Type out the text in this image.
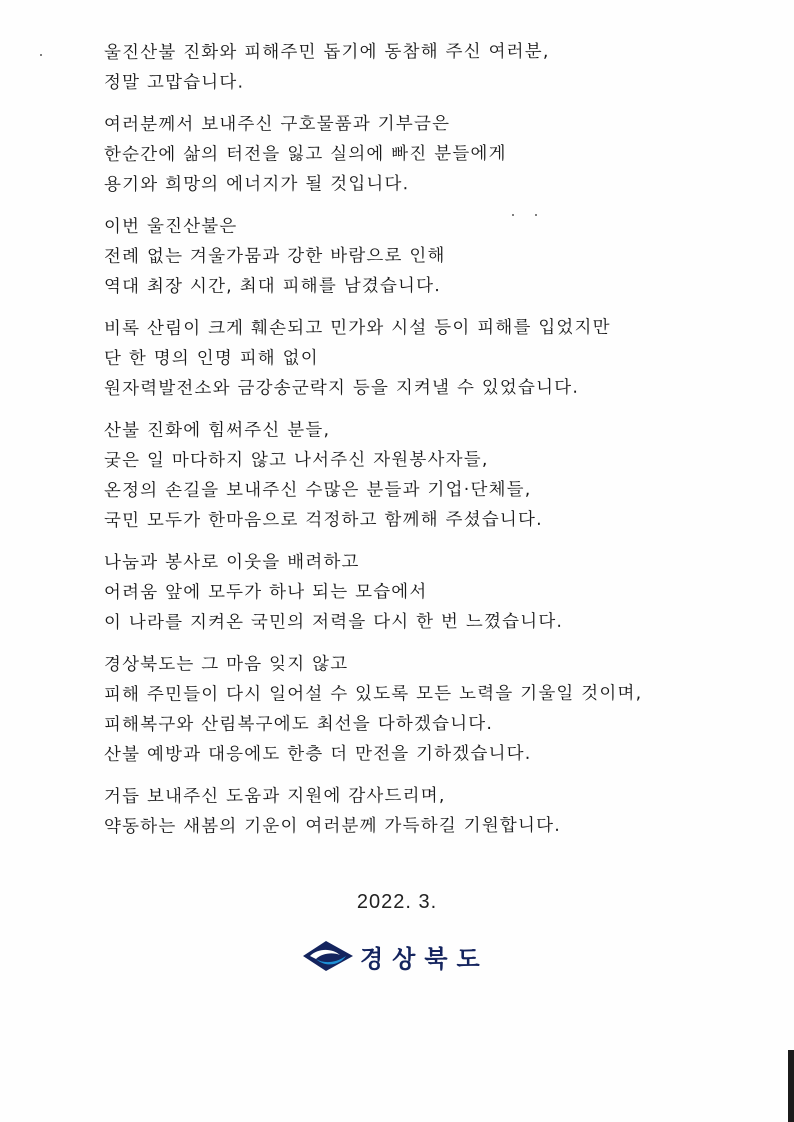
울진산불 진화와 피해주민 돕기에 동참해 주신 여러분,
정말 고맙습니다.
여러분께서 보내주신 구호물품과 기부금은
한순간에 삶의 터전을 잃고 실의에 빠진 분들에게
용기와 희망의 에너지가 될 것입니다.
이번 울진산불은
전례 없는 겨울가뭄과 강한 바람으로 인해
역대 최장 시간, 최대 피해를 남겼습니다.
비록 산림이 크게 훼손되고 민가와 시설 등이 피해를 입었지만
단 한 명의 인명 피해 없이
원자력발전소와 금강송군락지 등을 지켜낼 수 있었습니다.
산불 진화에 힘써주신 분들,
궂은 일 마다하지 않고 나서주신 자원봉사자들,
온정의 손길을 보내주신 수많은 분들과 기업·단체들,
국민 모두가 한마음으로 걱정하고 함께해 주셨습니다.
나눔과 봉사로 이웃을 배려하고
어려움 앞에 모두가 하나 되는 모습에서
이 나라를 지켜온 국민의 저력을 다시 한 번 느꼈습니다.
경상북도는 그 마음 잊지 않고
피해 주민들이 다시 일어설 수 있도록 모든 노력을 기울일 것이며,
피해복구와 산림복구에도 최선을 다하겠습니다.
산불 예방과 대응에도 한층 더 만전을 기하겠습니다.
거듭 보내주신 도움과 지원에 감사드리며,
약동하는 새봄의 기운이 여러분께 가득하길 기원합니다.
2022. 3.
경상북도
